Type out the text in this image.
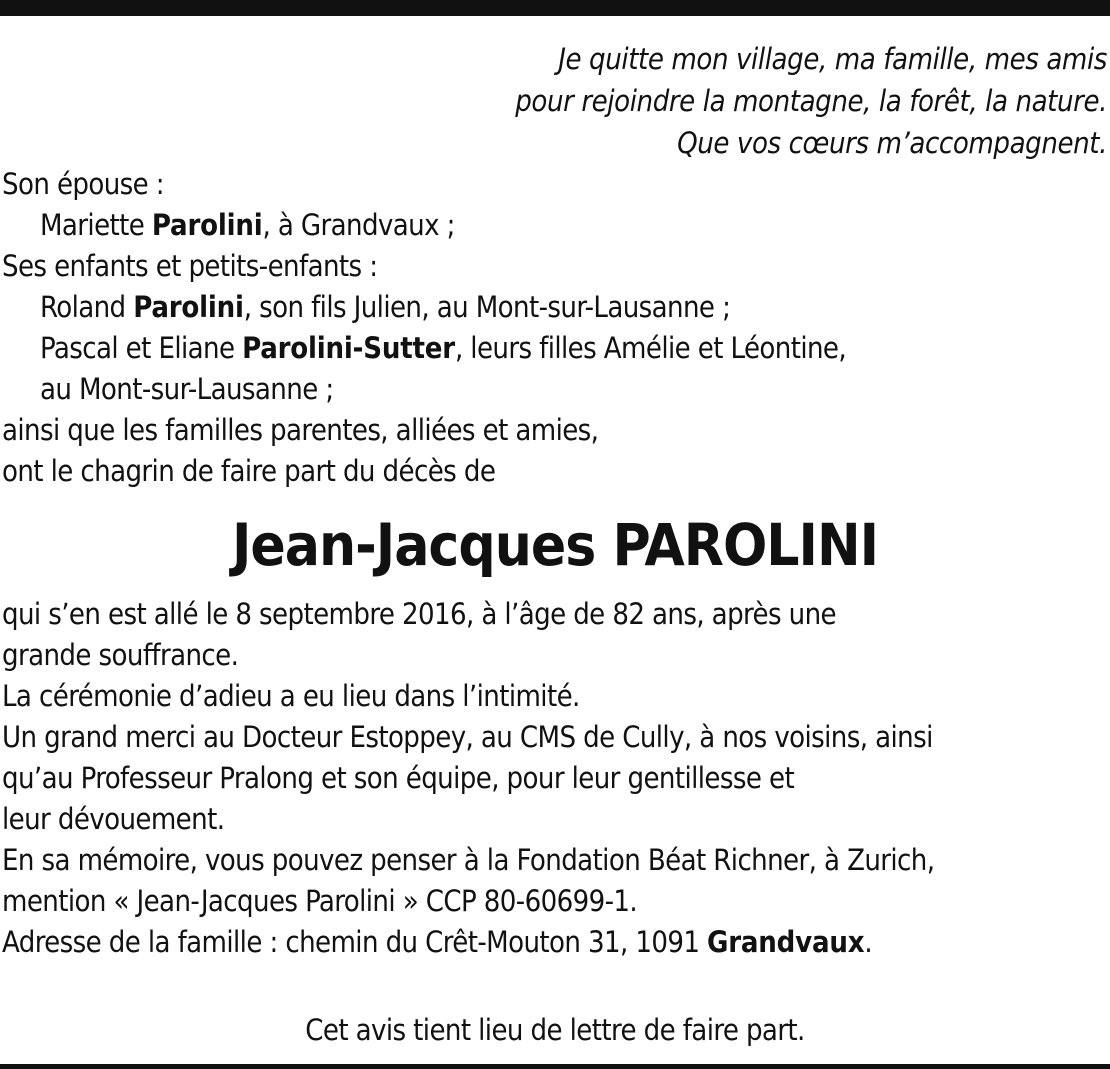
Je quitte mon village, ma famille, mes amis
pour rejoindre la montagne, la forêt, la nature.
Que vos cœurs m’accompagnent.
Son épouse :
Mariette Parolini, à Grandvaux ;
Ses enfants et petits-enfants :
Roland Parolini, son fils Julien, au Mont-sur-Lausanne ;
Pascal et Eliane Parolini-Sutter, leurs filles Amélie et Léontine,
au Mont-sur-Lausanne ;
ainsi que les familles parentes, alliées et amies,
ont le chagrin de faire part du décès de
Jean-Jacques PAROLINI
qui s’en est allé le 8 septembre 2016, à l’âge de 82 ans, après une
grande souffrance.
La cérémonie d’adieu a eu lieu dans l’intimité.
Un grand merci au Docteur Estoppey, au CMS de Cully, à nos voisins, ainsi
qu’au Professeur Pralong et son équipe, pour leur gentillesse et
leur dévouement.
En sa mémoire, vous pouvez penser à la Fondation Béat Richner, à Zurich,
mention « Jean-Jacques Parolini » CCP 80-60699-1.
Adresse de la famille : chemin du Crêt-Mouton 31, 1091 Grandvaux.
Cet avis tient lieu de lettre de faire part.
